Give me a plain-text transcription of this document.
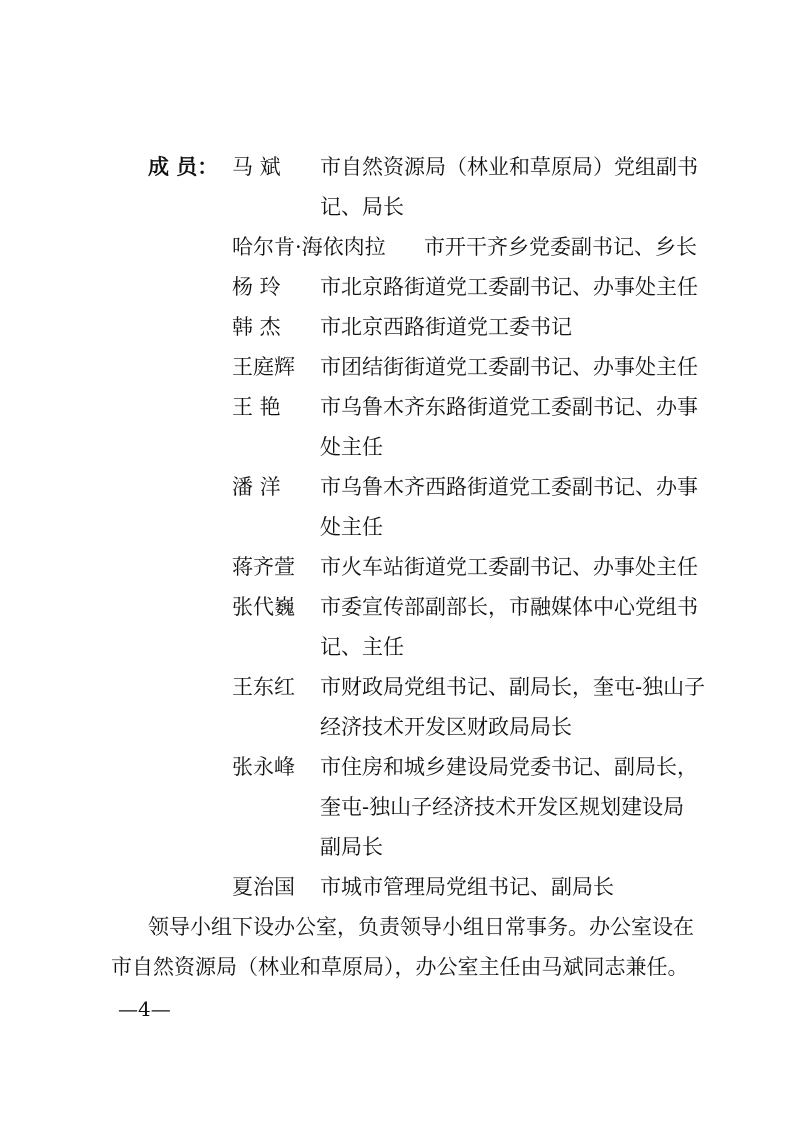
成 员： 马 斌 市自然资源局（林业和草原局）党组副书
记、局长
哈尔肯·海依肉拉 市开干齐乡党委副书记、乡长
杨 玲 市北京路街道党工委副书记、办事处主任
韩 杰 市北京西路街道党工委书记
王庭辉 市团结街街道党工委副书记、办事处主任
王 艳 市乌鲁木齐东路街道党工委副书记、办事
处主任
潘 洋 市乌鲁木齐西路街道党工委副书记、办事
处主任
蒋齐萱 市火车站街道党工委副书记、办事处主任
张代巍 市委宣传部副部长，市融媒体中心党组书
记、主任
王东红 市财政局党组书记、副局长，奎屯-独山子
经济技术开发区财政局局长
张永峰 市住房和城乡建设局党委书记、副局长，
奎屯-独山子经济技术开发区规划建设局
副局长
夏治国 市城市管理局党组书记、副局长
领导小组下设办公室，负责领导小组日常事务。办公室设在
市自然资源局（林业和草原局），办公室主任由马斌同志兼任。
—4—
